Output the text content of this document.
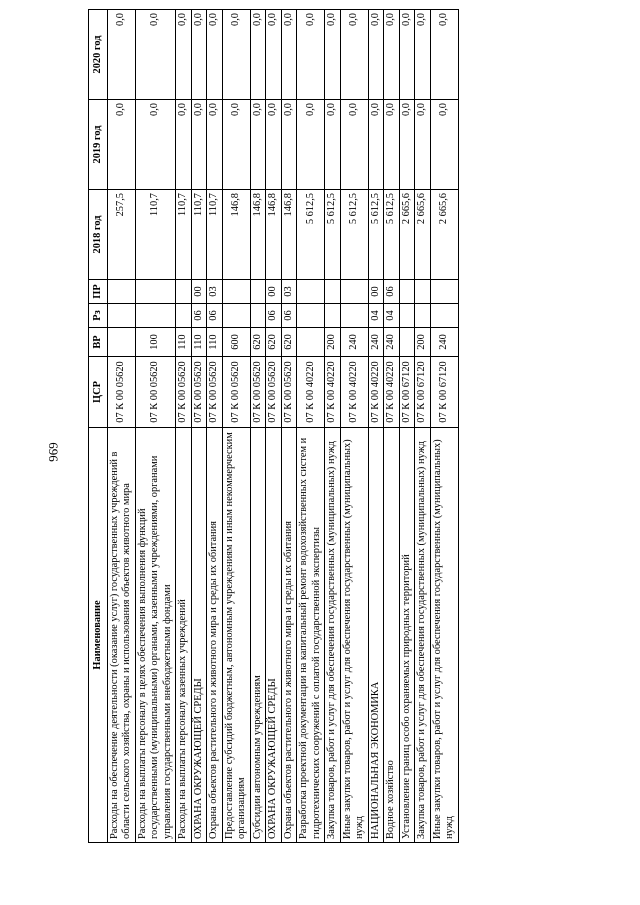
696
Наименование	ЦСР	ВР	Рз	ПР	2018 год	2019 год	2020 год
Расходы на обеспечение деятельности (оказание услуг) государственных учреждений в области сельского хозяйства, охраны и использования объектов животного мира	07 К 00 05620				257,5	0,0	0,0
Расходы на выплаты персоналу в целях обеспечения выполнения функций государственными (муниципальными) органами, казенными учреждениями, органами управления государственными внебюджетными фондами	07 К 00 05620	100			110,7	0,0	0,0
Расходы на выплаты персоналу казенных учреждений	07 К 00 05620	110			110,7	0,0	0,0
ОХРАНА ОКРУЖАЮЩЕЙ СРЕДЫ	07 К 00 05620	110	06	00	110,7	0,0	0,0
Охрана объектов растительного и животного мира и среды их обитания	07 К 00 05620	110	06	03	110,7	0,0	0,0
Предоставление субсидий бюджетным, автономным учреждениям и иным некоммерческим организациям	07 К 00 05620	600			146,8	0,0	0,0
Субсидии автономным учреждениям	07 К 00 05620	620			146,8	0,0	0,0
ОХРАНА ОКРУЖАЮЩЕЙ СРЕДЫ	07 К 00 05620	620	06	00	146,8	0,0	0,0
Охрана объектов растительного и животного мира и среды их обитания	07 К 00 05620	620	06	03	146,8	0,0	0,0
Разработка проектной документации на капитальный ремонт водохозяйственных систем и гидротехнических сооружений с оплатой государственной экспертизы	07 К 00 40220				5 612,5	0,0	0,0
Закупка товаров, работ и услуг для обеспечения государственных (муниципальных) нужд	07 К 00 40220	200			5 612,5	0,0	0,0
Иные закупки товаров, работ и услуг для обеспечения государственных (муниципальных) нужд	07 К 00 40220	240			5 612,5	0,0	0,0
НАЦИОНАЛЬНАЯ ЭКОНОМИКА	07 К 00 40220	240	04	00	5 612,5	0,0	0,0
Водное хозяйство	07 К 00 40220	240	04	06	5 612,5	0,0	0,0
Установление границ особо охраняемых природных территорий	07 К 00 67120				2 665,6	0,0	0,0
Закупка товаров, работ и услуг для обеспечения государственных (муниципальных) нужд	07 К 00 67120	200			2 665,6	0,0	0,0
Иные закупки товаров, работ и услуг для обеспечения государственных (муниципальных) нужд	07 К 00 67120	240			2 665,6	0,0	0,0
